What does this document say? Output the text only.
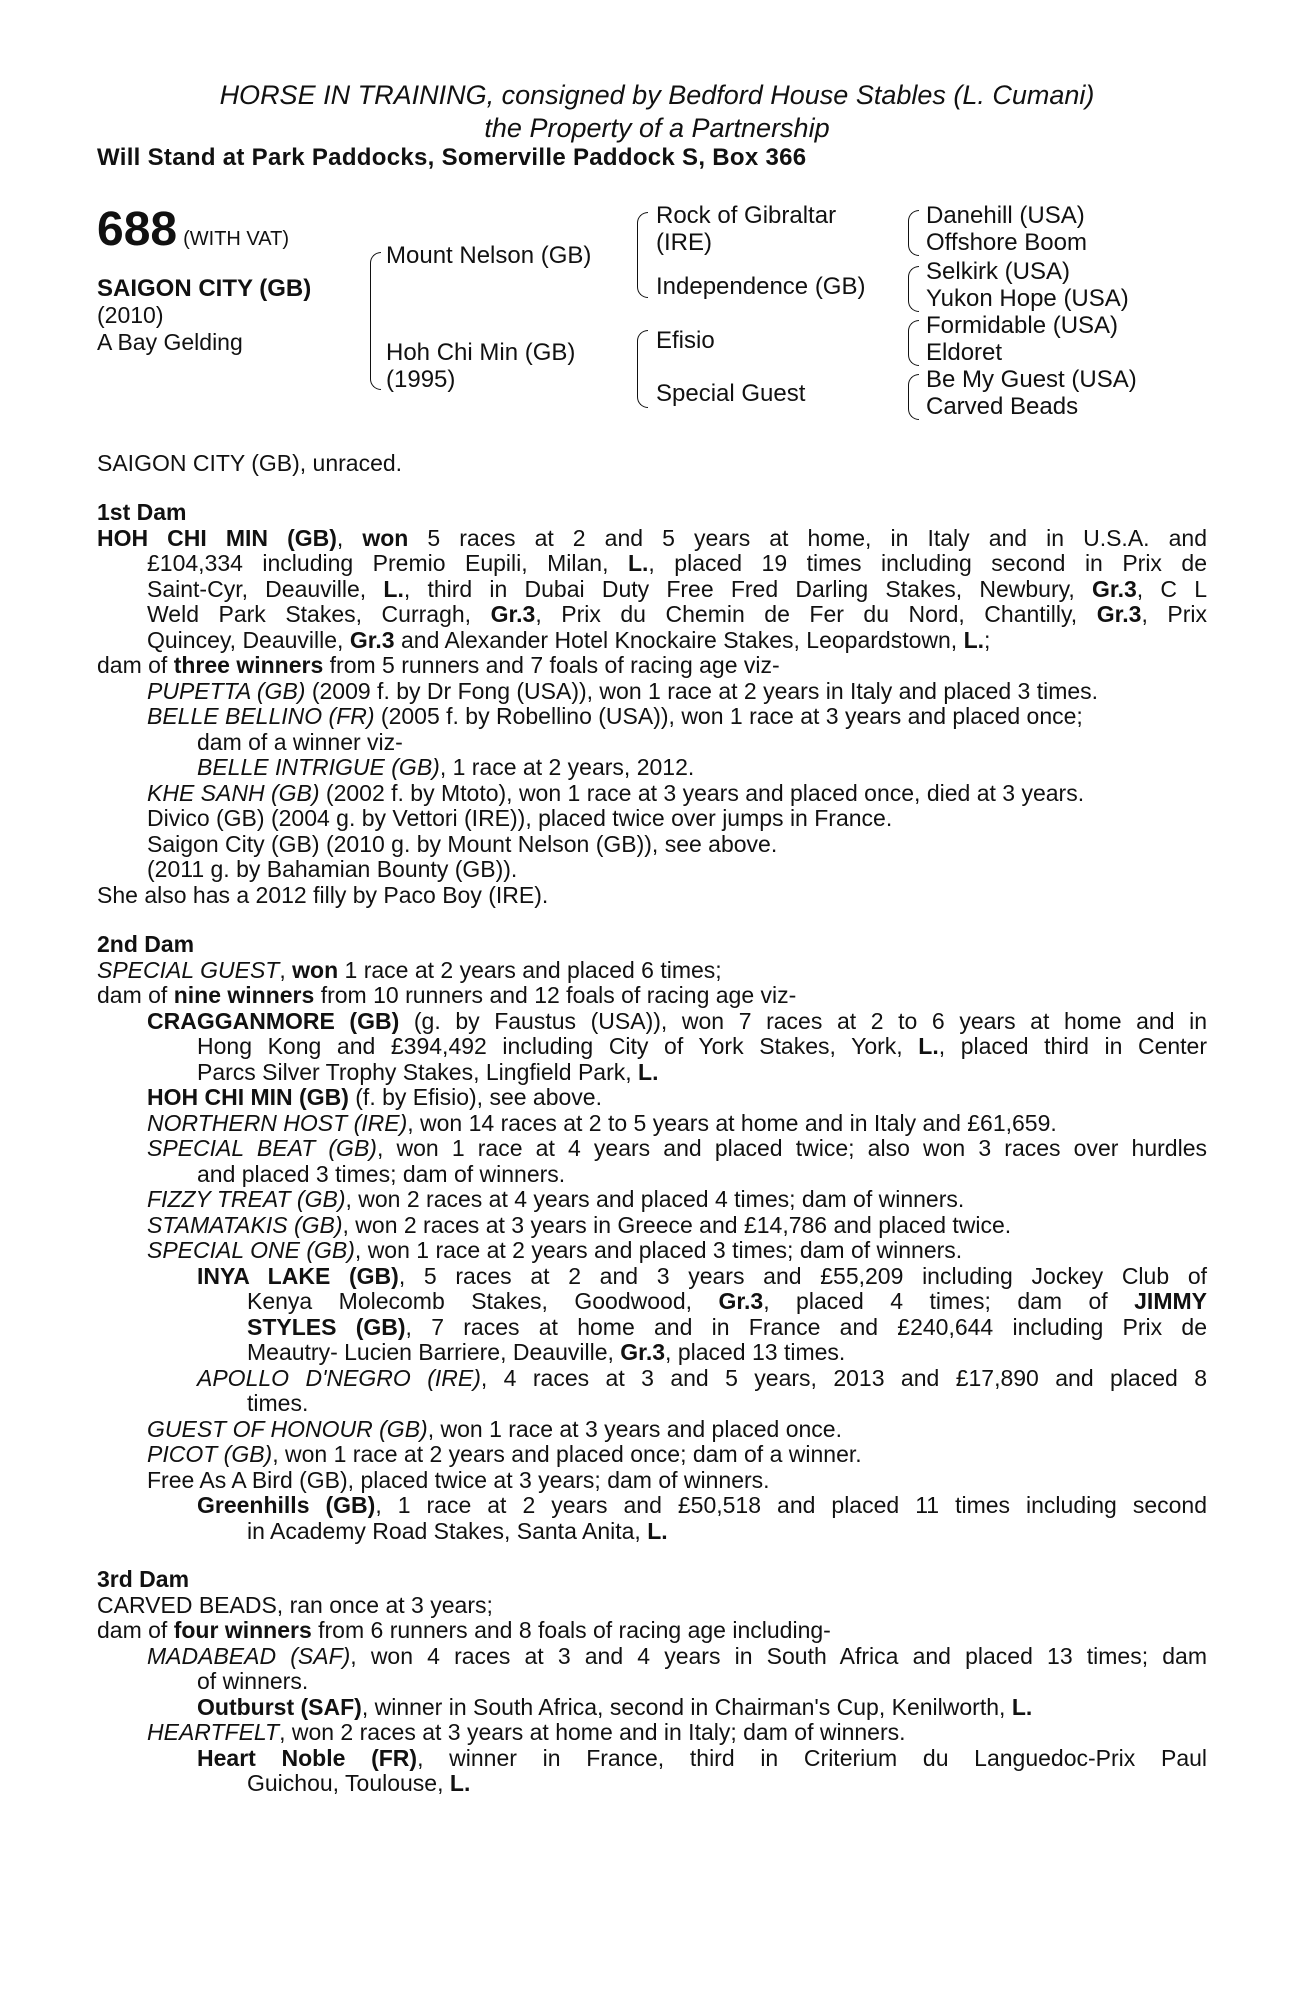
HORSE IN TRAINING, consigned by Bedford House Stables (L. Cumani)
the Property of a Partnership
Will Stand at Park Paddocks, Somerville Paddock S, Box 366
688 (WITH VAT)
SAIGON CITY (GB)
(2010)
A Bay Gelding
Mount Nelson (GB)
Hoh Chi Min (GB)
(1995)
Rock of Gibraltar
(IRE)
Independence (GB)
Efisio
Special Guest
Danehill (USA)
Offshore Boom
Selkirk (USA)
Yukon Hope (USA)
Formidable (USA)
Eldoret
Be My Guest (USA)
Carved Beads
SAIGON CITY (GB), unraced.
1st Dam
HOH CHI MIN (GB), won 5 races at 2 and 5 years at home, in Italy and in U.S.A. and
£104,334 including Premio Eupili, Milan, L., placed 19 times including second in Prix de
Saint-Cyr, Deauville, L., third in Dubai Duty Free Fred Darling Stakes, Newbury, Gr.3, C L
Weld Park Stakes, Curragh, Gr.3, Prix du Chemin de Fer du Nord, Chantilly, Gr.3, Prix
Quincey, Deauville, Gr.3 and Alexander Hotel Knockaire Stakes, Leopardstown, L.;
dam of three winners from 5 runners and 7 foals of racing age viz-
PUPETTA (GB) (2009 f. by Dr Fong (USA)), won 1 race at 2 years in Italy and placed 3 times.
BELLE BELLINO (FR) (2005 f. by Robellino (USA)), won 1 race at 3 years and placed once;
dam of a winner viz-
BELLE INTRIGUE (GB), 1 race at 2 years, 2012.
KHE SANH (GB) (2002 f. by Mtoto), won 1 race at 3 years and placed once, died at 3 years.
Divico (GB) (2004 g. by Vettori (IRE)), placed twice over jumps in France.
Saigon City (GB) (2010 g. by Mount Nelson (GB)), see above.
(2011 g. by Bahamian Bounty (GB)).
She also has a 2012 filly by Paco Boy (IRE).
2nd Dam
SPECIAL GUEST, won 1 race at 2 years and placed 6 times;
dam of nine winners from 10 runners and 12 foals of racing age viz-
CRAGGANMORE (GB) (g. by Faustus (USA)), won 7 races at 2 to 6 years at home and in
Hong Kong and £394,492 including City of York Stakes, York, L., placed third in Center
Parcs Silver Trophy Stakes, Lingfield Park, L.
HOH CHI MIN (GB) (f. by Efisio), see above.
NORTHERN HOST (IRE), won 14 races at 2 to 5 years at home and in Italy and £61,659.
SPECIAL BEAT (GB), won 1 race at 4 years and placed twice; also won 3 races over hurdles
and placed 3 times; dam of winners.
FIZZY TREAT (GB), won 2 races at 4 years and placed 4 times; dam of winners.
STAMATAKIS (GB), won 2 races at 3 years in Greece and £14,786 and placed twice.
SPECIAL ONE (GB), won 1 race at 2 years and placed 3 times; dam of winners.
INYA LAKE (GB), 5 races at 2 and 3 years and £55,209 including Jockey Club of
Kenya Molecomb Stakes, Goodwood, Gr.3, placed 4 times; dam of JIMMY
STYLES (GB), 7 races at home and in France and £240,644 including Prix de
Meautry- Lucien Barriere, Deauville, Gr.3, placed 13 times.
APOLLO D'NEGRO (IRE), 4 races at 3 and 5 years, 2013 and £17,890 and placed 8
times.
GUEST OF HONOUR (GB), won 1 race at 3 years and placed once.
PICOT (GB), won 1 race at 2 years and placed once; dam of a winner.
Free As A Bird (GB), placed twice at 3 years; dam of winners.
Greenhills (GB), 1 race at 2 years and £50,518 and placed 11 times including second
in Academy Road Stakes, Santa Anita, L.
3rd Dam
CARVED BEADS, ran once at 3 years;
dam of four winners from 6 runners and 8 foals of racing age including-
MADABEAD (SAF), won 4 races at 3 and 4 years in South Africa and placed 13 times; dam
of winners.
Outburst (SAF), winner in South Africa, second in Chairman's Cup, Kenilworth, L.
HEARTFELT, won 2 races at 3 years at home and in Italy; dam of winners.
Heart Noble (FR), winner in France, third in Criterium du Languedoc-Prix Paul
Guichou, Toulouse, L.
